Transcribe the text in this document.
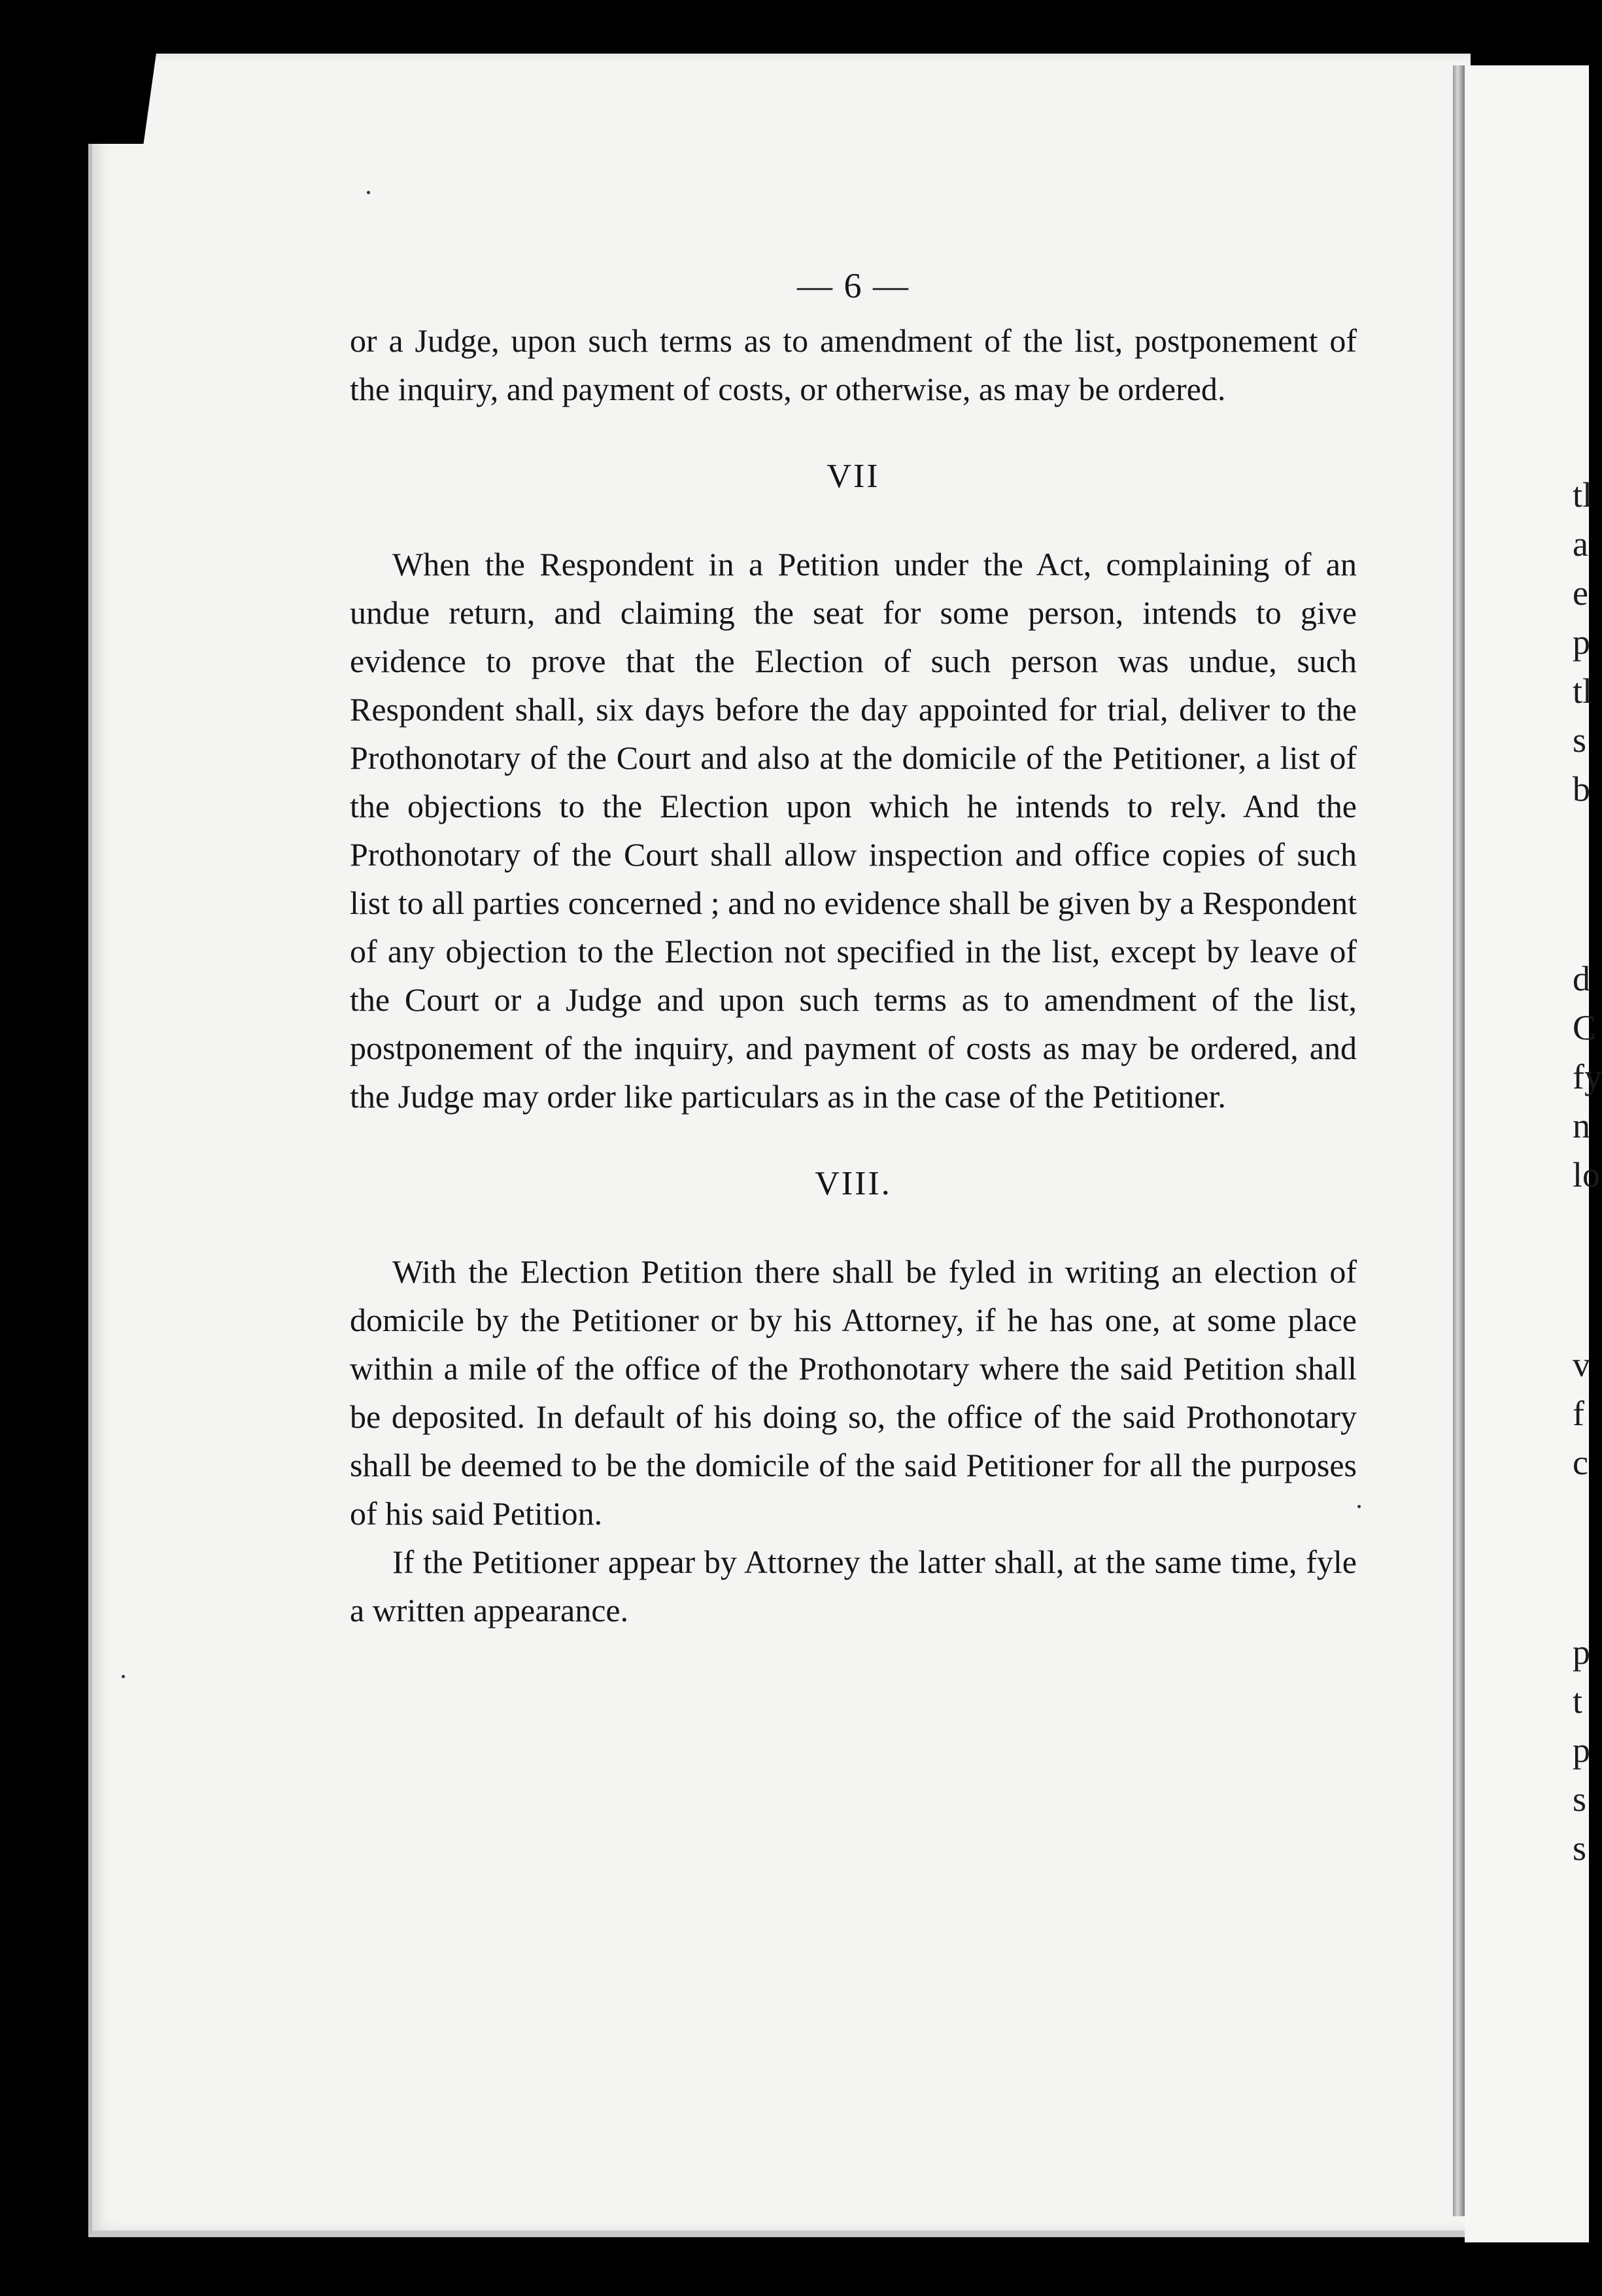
tl
a
e
p
tl
s
b
d
C
fy
n
lo
v
f
c
p
t
p
s
s
— 6 —

or a Judge, upon such terms as to amendment of the list, postponement of the inquiry, and payment of costs, or otherwise, as may be ordered.

VII

When the Respondent in a Petition under the Act, complaining of an undue return, and claiming the seat for some person, intends to give evidence to prove that the Election of such person was undue, such Respondent shall, six days before the day appointed for trial, deliver to the Prothonotary of the Court and also at the domicile of the Petitioner, a list of the objections to the Election upon which he intends to rely. And the Prothonotary of the Court shall allow inspection and office copies of such list to all parties concerned ; and no evidence shall be given by a Respondent of any objection to the Election not specified in the list, except by leave of the Court or a Judge and upon such terms as to amendment of the list, postponement of the inquiry, and payment of costs as may be ordered, and the Judge may order like particulars as in the case of the Petitioner.

VIII.

With the Election Petition there shall be fyled in writing an election of domicile by the Petitioner or by his Attorney, if he has one, at some place within a mile of the office of the Prothonotary where the said Petition shall be deposited. In default of his doing so, the office of the said Prothonotary shall be deemed to be the domicile of the said Petitioner for all the purposes of his said Petition.

If the Petitioner appear by Attorney the latter shall, at the same time, fyle a written appearance.
